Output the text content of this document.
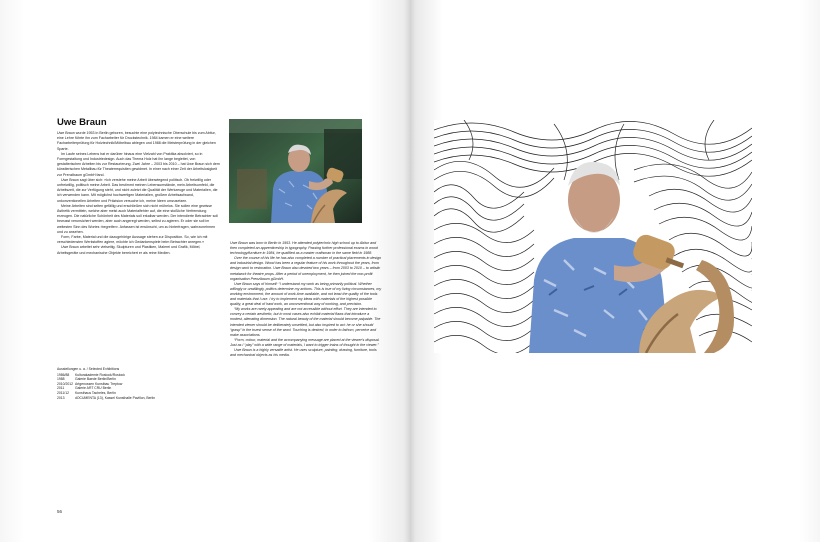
Uwe Braun

Uwe Braun wurde 1953 in Berlin geboren, besuchte eine polytechnische Oberschule bis zum Abitur, eine Lehre führte ihn zum Facharbeiter für Druckstechnik. 1984 kamen er eine weitere Facharbeiterprüfung für Holztechnik/Möbelbau ablegen und 1988 die Meisterprüfung in der gleichen Sparte.

Im Laufe seines Lebens hat er darüber hinaus eine Vielzahl von Praktika absolviert, so in Formgestaltung und Industriedesign. Auch das Thema Holz hat ihn lange begleitet, von gestalterischen Arbeiten bis zur Restaurierung. Zwei Jahre – 2003 bis 2010 – hat Uwe Braun sich dem künstlerischen Metallbau für Theaterrequisiten gewidmet. In einer nach einer Zeit der Arbeitslosigkeit zur Prenzlbaum gGmbH fand.

Uwe Braun sagt über sich: »Ich verstehe meine Arbeit überwiegend politisch. Ob freiwillig oder unfreiwillig, politisch meine Arbeit. Das bestimmt meinen Lebensumstände, mein Arbeitsumfeld, die Arbeitszeit, die zur Verfügung steht, und nicht zuletzt die Qualität der Werkzeuge und Materialien, die ich verwenden kann. Mit möglichst hochwertigen Materialien, großem Arbeitsaufwand, unkonventionellen Arbeiten und Präzision versuche ich, meine Ideen umzusetzen.

Meine Arbeiten sind selten gefällig und erschließen sich nicht mühelos. Sie sollen eine gewisse Ästhetik vermitteln, welche aber meist auch Materialfehler auf, die eine stoßliche Verfremdung erzeugen. Die natürliche Schönheit des Materials soll erkalbar werden. Der intendierte Betrachter soll bewusst verunsichert werden, aber auch angeregt werden, selbst zu agieren. Er oder sie soll im weitesten Sinn des Wortes ›begreifen‹. Anfassen ist erwünscht, um zu hinterfragen, wahrzunehmen und zu ansehen.

Form, Farbe, Material und die dazugehörige Aussage stehen zur Disposition. So, wie ich mit verschiedensten Werkstoffen agiere, möchte ich Gedankenspiele beim Betrachter anregen.«

Uwe Braun arbeitet sehr vielseitig. Skulpturen und Plastiken, Malerei und Grafik, Möbel, Arbeitsgeräte und mechanische Objekte bereichert er als reine Medien.

Ausstellungen u. a. / Selected Exhibitions
1986/88	Kulturakademie Rostock/Rostock
1988	Galerie Baede Berlin/Berlin
2010/2012 Artgenossen Kunstbau Treptow
2011	Galerie ART CRU Berlin
2011/12	Kunsthaus Tacheles, Berlin
2013	dOCUMENTA (13), Kassel Kunsthalle Pavillon, Berlin

Uwe Braun was born in Berlin in 1953. He attended polytechnic high school up to Abitur and then completed an apprenticeship in typography. Passing further professional exams in wood technology/furniture in 1984, he qualified as a master craftsman in the same field in 1988.

Over the course of his life he has also completed a number of practical placements in design and industrial design. Wood has been a regular feature of his work throughout the years, from design work to restoration. Uwe Braun also devoted two years – from 2003 to 2010 – to artistic metalwork for theatre props. After a period of unemployment, he then joined the non-profit organisation Prenzlbaum gGmbH.

Uwe Braun says of himself: “I understand my work as being primarily political. Whether willingly or unwillingly, politics determine my actions. This is true of my living circumstances, my working environment, the amount of work-time available, and not least the quality of the tools and materials that I use. I try to implement my ideas with materials of the highest possible quality, a great deal of hard work, an unconventional way of working, and precision.

“My works are rarely appealing and are not accessible without effort. They are intended to convey a certain aesthetic, but in most cases also exhibit material flaws that introduce a modest, alienating dimension. The natural beauty of the material should become palpable. The intended viewer should be deliberately unsettled, but also inspired to act: he or she should “grasp” in the truest sense of the word. Touching is desired, in order to fathom, perceive and make associations.

“Form, colour, material and the accompanying message are placed at the viewer's disposal. Just as I “play” with a wide range of materials, I want to trigger trains of thought in the viewer.”

Uwe Braun is a highly versatile artist. He uses sculpture, painting, drawing, furniture, tools and mechanical objects as his media.

56
